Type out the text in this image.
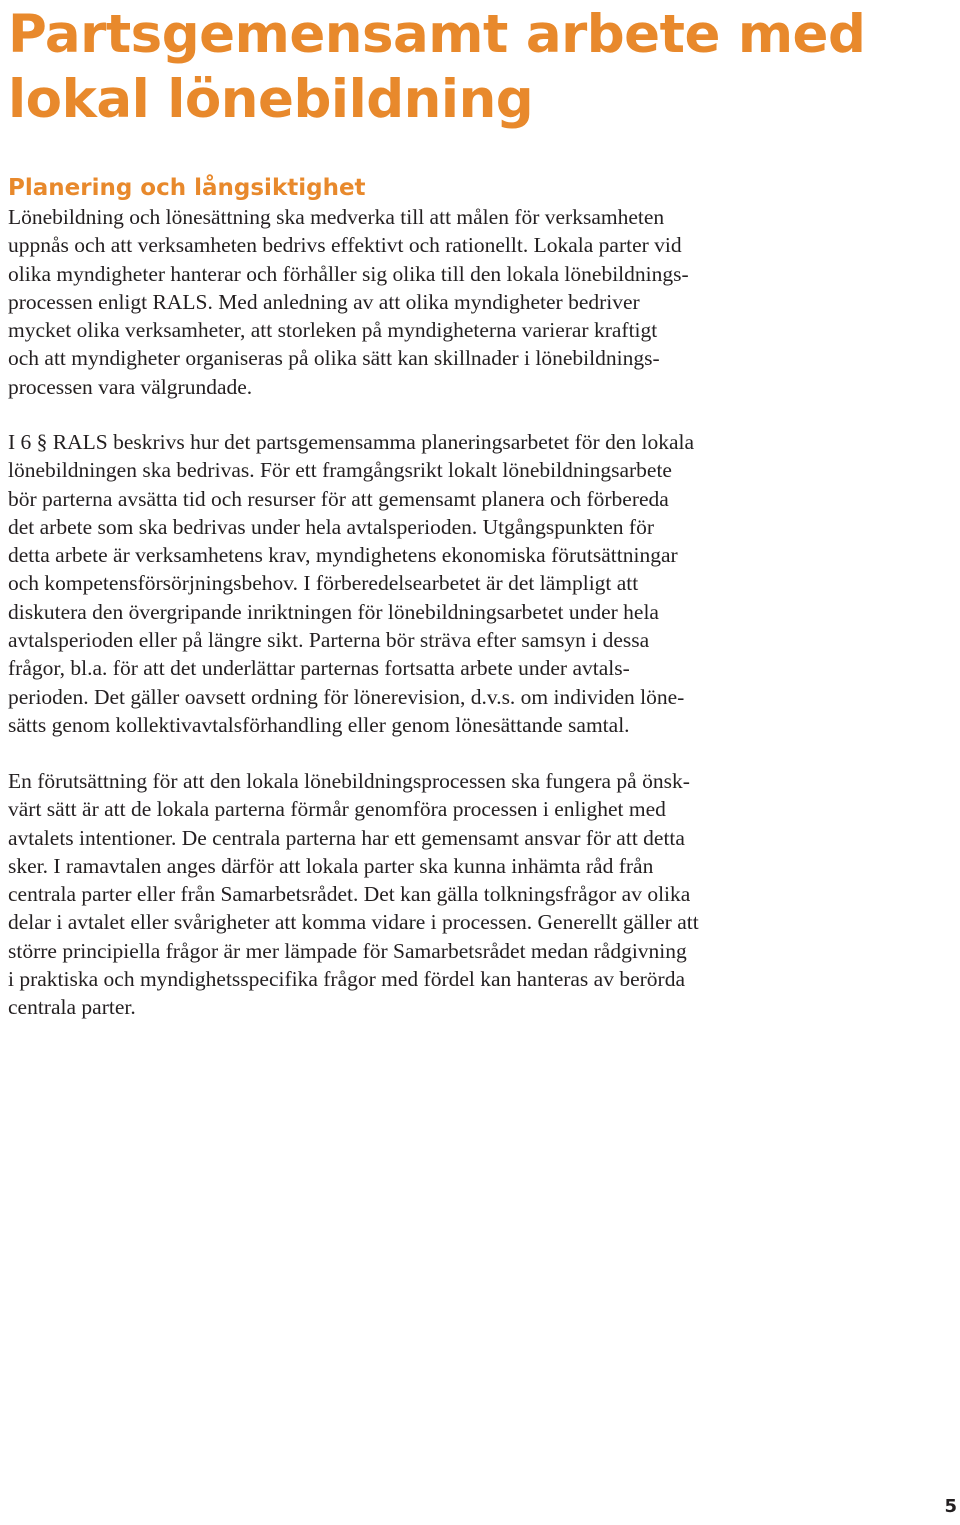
Partsgemensamt arbete med
lokal lönebildning
Planering och långsiktighet

Lönebildning och lönesättning ska medverka till att målen för verksamheten
uppnås och att verksamheten bedrivs effektivt och rationellt. Lokala parter vid
olika myndigheter hanterar och förhåller sig olika till den lokala lönebildnings-
processen enligt RALS. Med anledning av att olika myndigheter bedriver
mycket olika verksamheter, att storleken på myndigheterna varierar kraftigt
och att myndigheter organiseras på olika sätt kan skillnader i lönebildnings-
processen vara välgrundade.

I 6 § RALS beskrivs hur det partsgemensamma planeringsarbetet för den lokala
lönebildningen ska bedrivas. För ett framgångsrikt lokalt lönebildningsarbete
bör parterna avsätta tid och resurser för att gemensamt planera och förbereda
det arbete som ska bedrivas under hela avtalsperioden. Utgångspunkten för
detta arbete är verksamhetens krav, myndighetens ekonomiska förutsättningar
och kompetensförsörjningsbehov. I förberedelsearbetet är det lämpligt att
diskutera den övergripande inriktningen för lönebildningsarbetet under hela
avtalsperioden eller på längre sikt. Parterna bör sträva efter samsyn i dessa
frågor, bl.a. för att det underlättar parternas fortsatta arbete under avtals-
perioden. Det gäller oavsett ordning för lönerevision, d.v.s. om individen löne-
sätts genom kollektivavtalsförhandling eller genom lönesättande samtal.

En förutsättning för att den lokala lönebildningsprocessen ska fungera på önsk-
värt sätt är att de lokala parterna förmår genomföra processen i enlighet med
avtalets intentioner. De centrala parterna har ett gemensamt ansvar för att detta
sker. I ramavtalen anges därför att lokala parter ska kunna inhämta råd från
centrala parter eller från Samarbetsrådet. Det kan gälla tolkningsfrågor av olika
delar i avtalet eller svårigheter att komma vidare i processen. Generellt gäller att
större principiella frågor är mer lämpade för Samarbetsrådet medan rådgivning
i praktiska och myndighetsspecifika frågor med fördel kan hanteras av berörda
centrala parter.

5
